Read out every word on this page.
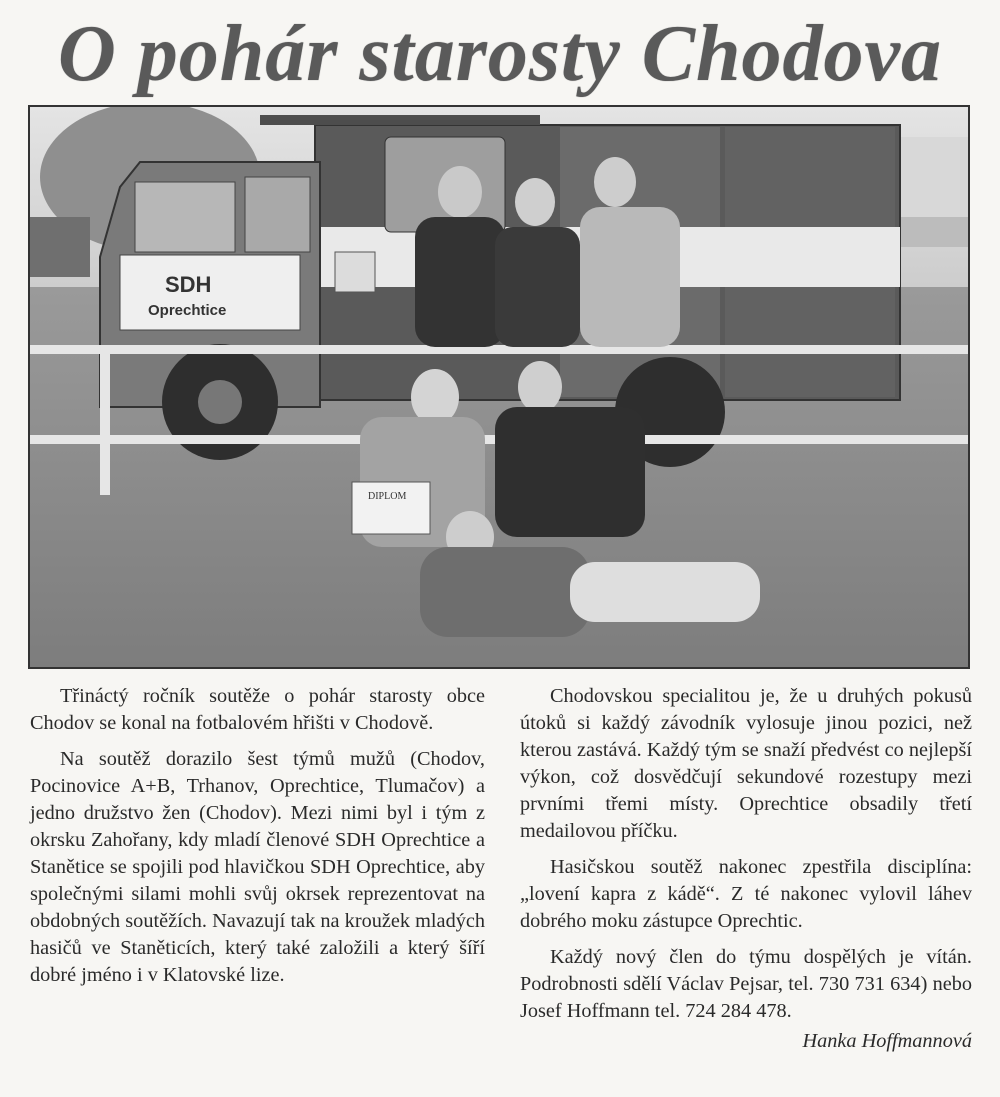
O pohár starosty Chodova
SDH
Oprechtice
DIPLOM

Třináctý ročník soutěže o pohár starosty obce Chodov se konal na fotbalovém hřišti v Chodově.

Na soutěž dorazilo šest týmů mužů (Chodov, Pocinovice A+B, Trhanov, Oprechtice, Tlumačov) a jedno družstvo žen (Chodov). Mezi nimi byl i tým z okrsku Zahořany, kdy mladí členové SDH Oprechtice a Stanětice se spojili pod hlavičkou SDH Oprechtice, aby společnými silami mohli svůj okrsek reprezentovat na obdobných soutěžích. Navazují tak na kroužek mladých hasičů ve Staněticích, který také založili a který šíří dobré jméno i v Klatovské lize.

Chodovskou specialitou je, že u druhých pokusů útoků si každý závodník vylosuje jinou pozici, než kterou zastává. Každý tým se snaží předvést co nejlepší výkon, což dosvědčují sekundové rozestupy mezi prvními třemi místy. Oprechtice obsadily třetí medailovou příčku.

Hasičskou soutěž nakonec zpestřila disciplína: „lovení kapra z kádě“. Z té nakonec vylovil láhev dobrého moku zástupce Oprechtic.

Každý nový člen do týmu dospělých je vítán. Podrobnosti sdělí Václav Pejsar, tel. 730 731 634) nebo Josef Hoffmann tel. 724 284 478.

Hanka Hoffmannová
